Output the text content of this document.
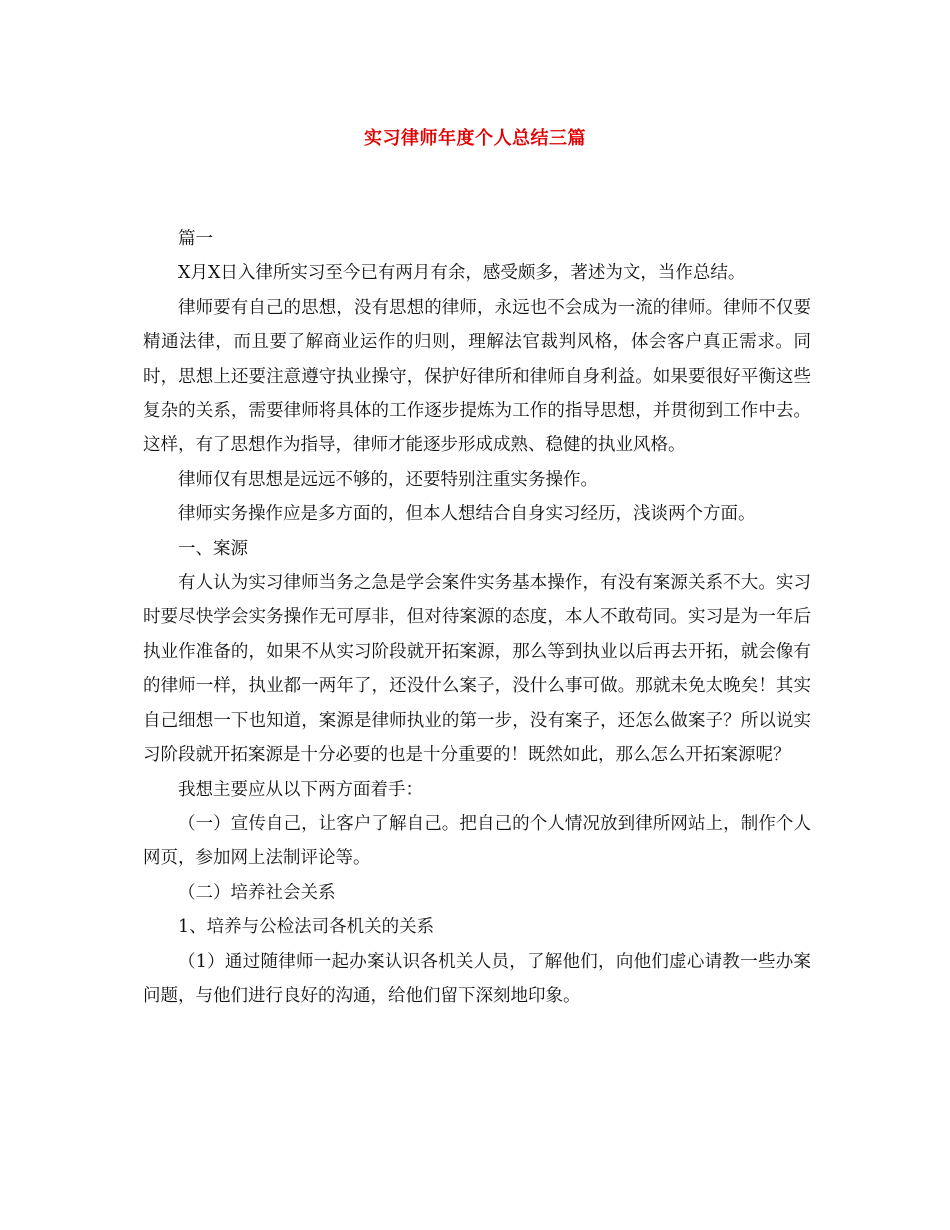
实习律师年度个人总结三篇

篇一

X月X日入律所实习至今已有两月有余，感受颇多，著述为文，当作总结。

律师要有自己的思想，没有思想的律师，永远也不会成为一流的律师。律师不仅要精通法律，而且要了解商业运作的归则，理解法官裁判风格，体会客户真正需求。同时，思想上还要注意遵守执业操守，保护好律所和律师自身利益。如果要很好平衡这些复杂的关系，需要律师将具体的工作逐步提炼为工作的指导思想，并贯彻到工作中去。这样，有了思想作为指导，律师才能逐步形成成熟、稳健的执业风格。

律师仅有思想是远远不够的，还要特别注重实务操作。

律师实务操作应是多方面的，但本人想结合自身实习经历，浅谈两个方面。

一、案源

有人认为实习律师当务之急是学会案件实务基本操作，有没有案源关系不大。实习时要尽快学会实务操作无可厚非，但对待案源的态度，本人不敢苟同。实习是为一年后执业作准备的，如果不从实习阶段就开拓案源，那么等到执业以后再去开拓，就会像有的律师一样，执业都一两年了，还没什么案子，没什么事可做。那就未免太晚矣！其实自己细想一下也知道，案源是律师执业的第一步，没有案子，还怎么做案子？所以说实习阶段就开拓案源是十分必要的也是十分重要的！既然如此，那么怎么开拓案源呢？

我想主要应从以下两方面着手：

（一）宣传自己，让客户了解自己。把自己的个人情况放到律所网站上，制作个人网页，参加网上法制评论等。

（二）培养社会关系

1、培养与公检法司各机关的关系

（1）通过随律师一起办案认识各机关人员，了解他们，向他们虚心请教一些办案问题，与他们进行良好的沟通，给他们留下深刻地印象。
